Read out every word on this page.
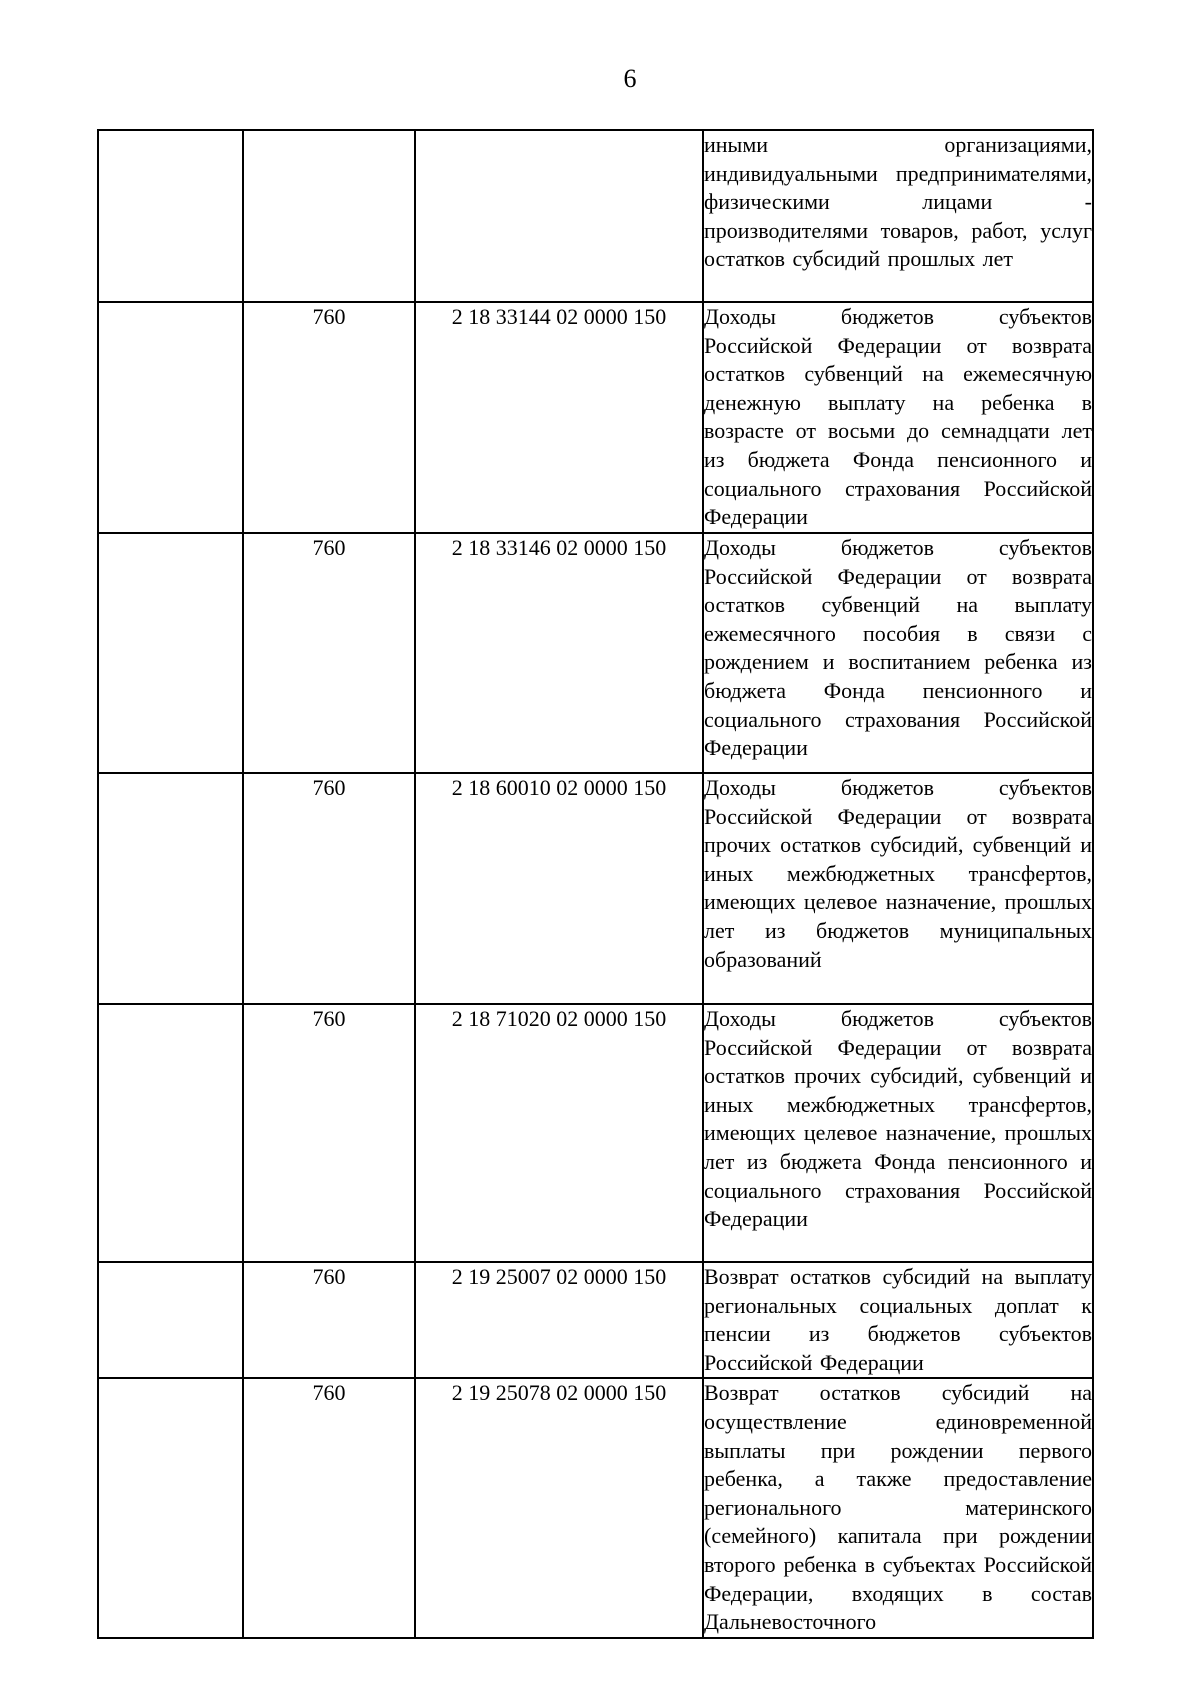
6
			иными организациями, индивидуальными предпринимателями, физическими лицами - производителями товаров, работ, услуг остатков субсидий прошлых лет
	760	2 18 33144 02 0000 150	Доходы бюджетов субъектов Российской Федерации от возврата остатков субвенций на ежемесячную денежную выплату на ребенка в возрасте от восьми до семнадцати лет из бюджета Фонда пенсионного и социального страхования Российской Федерации
	760	2 18 33146 02 0000 150	Доходы бюджетов субъектов Российской Федерации от возврата остатков субвенций на выплату ежемесячного пособия в связи с рождением и воспитанием ребенка из бюджета Фонда пенсионного и социального страхования Российской Федерации
	760	2 18 60010 02 0000 150	Доходы бюджетов субъектов Российской Федерации от возврата прочих остатков субсидий, субвенций и иных межбюджетных трансфертов, имеющих целевое назначение, прошлых лет из бюджетов муниципальных образований
	760	2 18 71020 02 0000 150	Доходы бюджетов субъектов Российской Федерации от возврата остатков прочих субсидий, субвенций и иных межбюджетных трансфертов, имеющих целевое назначение, прошлых лет из бюджета Фонда пенсионного и социального страхования Российской Федерации
	760	2 19 25007 02 0000 150	Возврат остатков субсидий на выплату региональных социальных доплат к пенсии из бюджетов субъектов Российской Федерации
	760	2 19 25078 02 0000 150	Возврат остатков субсидий на осуществление единовременной выплаты при рождении первого ребенка, а также предоставление регионального материнского (семейного) капитала при рождении второго ребенка в субъектах Российской Федерации, входящих в состав Дальневосточного
